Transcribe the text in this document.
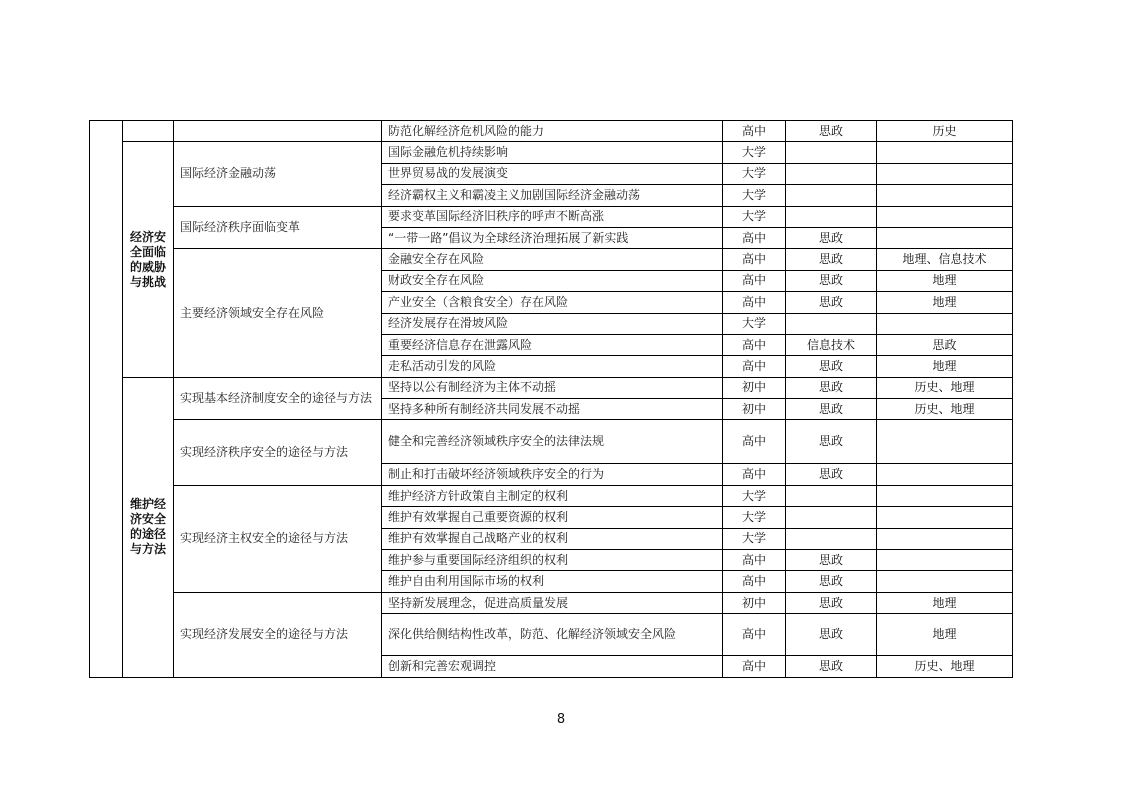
			防范化解经济危机风险的能力	高中	思政	历史
	经济安全面临的威胁与挑战	国际经济金融动荡	国际金融危机持续影响	大学		
			世界贸易战的发展演变	大学		
			经济霸权主义和霸凌主义加剧国际经济金融动荡	大学		
		国际经济秩序面临变革	要求变革国际经济旧秩序的呼声不断高涨	大学		
			“一带一路”倡议为全球经济治理拓展了新实践	高中	思政	
		主要经济领域安全存在风险	金融安全存在风险	高中	思政	地理、信息技术
			财政安全存在风险	高中	思政	地理
			产业安全（含粮食安全）存在风险	高中	思政	地理
			经济发展存在滑坡风险	大学		
			重要经济信息存在泄露风险	高中	信息技术	思政
			走私活动引发的风险	高中	思政	地理
	维护经济安全的途径与方法	实现基本经济制度安全的途径与方法	坚持以公有制经济为主体不动摇	初中	思政	历史、地理
			坚持多种所有制经济共同发展不动摇	初中	思政	历史、地理
		实现经济秩序安全的途径与方法	健全和完善经济领域秩序安全的法律法规	高中	思政	
			制止和打击破坏经济领域秩序安全的行为	高中	思政	
		实现经济主权安全的途径与方法	维护经济方针政策自主制定的权利	大学		
			维护有效掌握自己重要资源的权利	大学		
			维护有效掌握自己战略产业的权利	大学		
			维护参与重要国际经济组织的权利	高中	思政	
			维护自由利用国际市场的权利	高中	思政	
		实现经济发展安全的途径与方法	坚持新发展理念，促进高质量发展	初中	思政	地理
			深化供给侧结构性改革，防范、化解经济领域安全风险	高中	思政	地理
			创新和完善宏观调控	高中	思政	历史、地理
8
